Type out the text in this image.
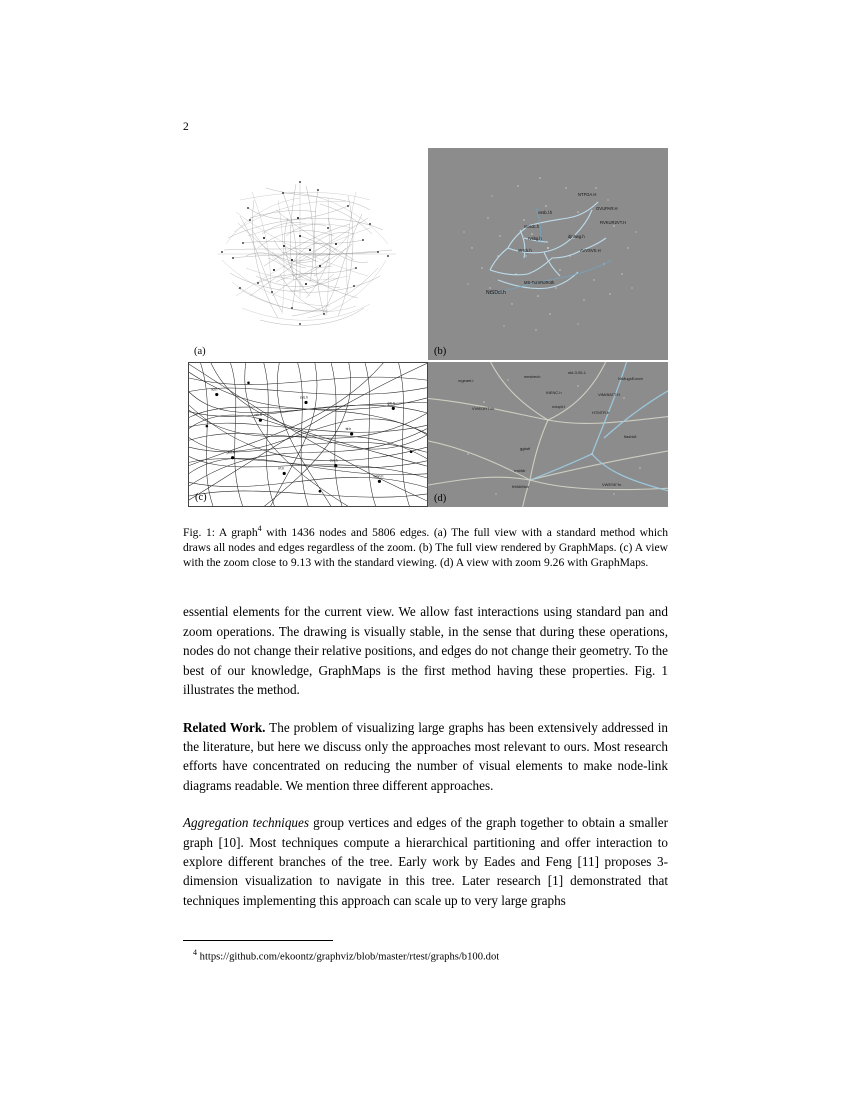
2
(a)
NTFGA.H
OVUPAR.H
vssb.l.h
RVKUR2VT.H
ntordc.h
rvsbg.h	djnhwg.h
strrck.h	AVVSVS.H
MS-TurnRoRoth
NtSDcl.h
(b)
nd.h
nrk.h
svs.h
ttr.h
grb.h
plm.h
rrt.h
cvx.h
wmn.h
(c)
vrgeaet.l
wrrstrech
std-3.05-1
NtMugsEcech
KtENC.h	VtMrBATT.H
VVtEORTVh	ndupli.t
HTMTR.h
flashkit
gglwtl
rrsbfdr
frMdrMoh	VWESK''tn
(d)
Fig. 1: A graph$^4$ with 1436 nodes and 5806 edges. (a) The full view with a standard method which draws all nodes and edges regardless of the zoom. (b) The full view rendered by GraphMaps. (c) A view with the zoom close to 9.13 with the standard viewing. (d) A view with zoom 9.26 with GraphMaps.

essential elements for the current view. We allow fast interactions using standard pan and zoom operations. The drawing is visually stable, in the sense that during these operations, nodes do not change their relative positions, and edges do not change their geometry. To the best of our knowledge, GraphMaps is the first method having these properties. Fig. 1 illustrates the method.

Related Work. The problem of visualizing large graphs has been extensively addressed in the literature, but here we discuss only the approaches most relevant to ours. Most research efforts have concentrated on reducing the number of visual elements to make node-link diagrams readable. We mention three different approaches.

Aggregation techniques group vertices and edges of the graph together to obtain a smaller graph [10]. Most techniques compute a hierarchical partitioning and offer interaction to explore different branches of the tree. Early work by Eades and Feng [11] proposes 3-dimension visualization to navigate in this tree. Later research [1] demonstrated that techniques implementing this approach can scale up to very large graphs

$^4$ https://github.com/ekoontz/graphviz/blob/master/rtest/graphs/b100.dot
